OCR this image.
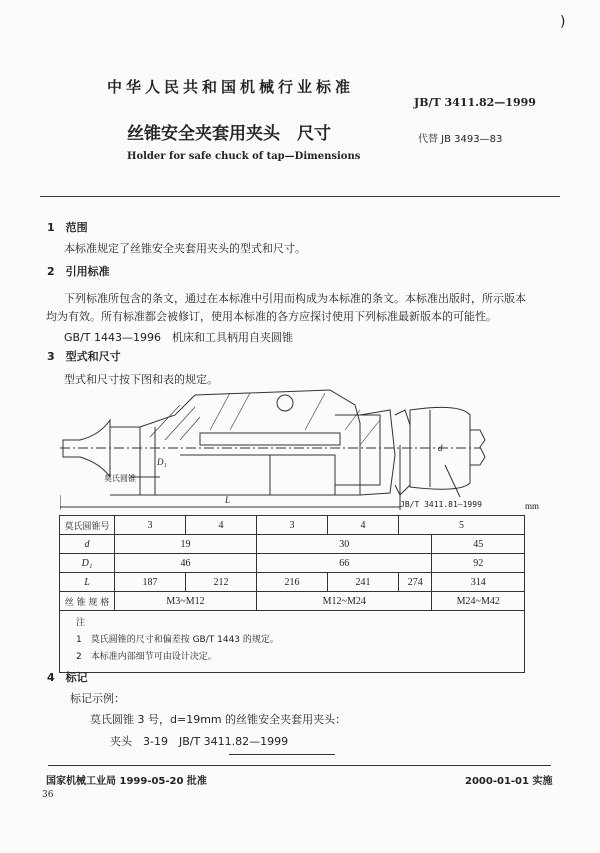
)
中华人民共和国机械行业标准
JB/T 3411.82—1999
丝锥安全夹套用夹头　尺寸	代替 JB 3493—83
Holder for safe chuck of tap—Dimensions
1　范围
本标准规定了丝锥安全夹套用夹头的型式和尺寸。
2　引用标准
下列标准所包含的条文，通过在本标准中引用而构成为本标准的条文。本标准出版时，所示版本
均为有效。所有标准都会被修订，使用本标准的各方应探讨使用下列标准最新版本的可能性。
GB/T 1443—1996　机床和工具柄用自夹圆锥
3　型式和尺寸
型式和尺寸按下图和表的规定。
D₁
d
L
莫氏圆锥
JB/T 3411.81—1999	mm
莫氏圆锥号	3	4	3	4	5	
d	19		30			45
D₁	46		66			92
L	187	212	216	241	274	314
丝 锥 规 格	M3~M12		M12~M24			M24~M42

注
1　莫氏圆锥的尺寸和偏差按 GB/T 1443 的规定。
2　本标准内部细节可由设计决定。						
4　标记
标记示例：
莫氏圆锥 3 号，d=19mm 的丝锥安全夹套用夹头：
夹头　3-19　JB/T 3411.82—1999
国家机械工业局 1999-05-20 批准	2000-01-01 实施
36
